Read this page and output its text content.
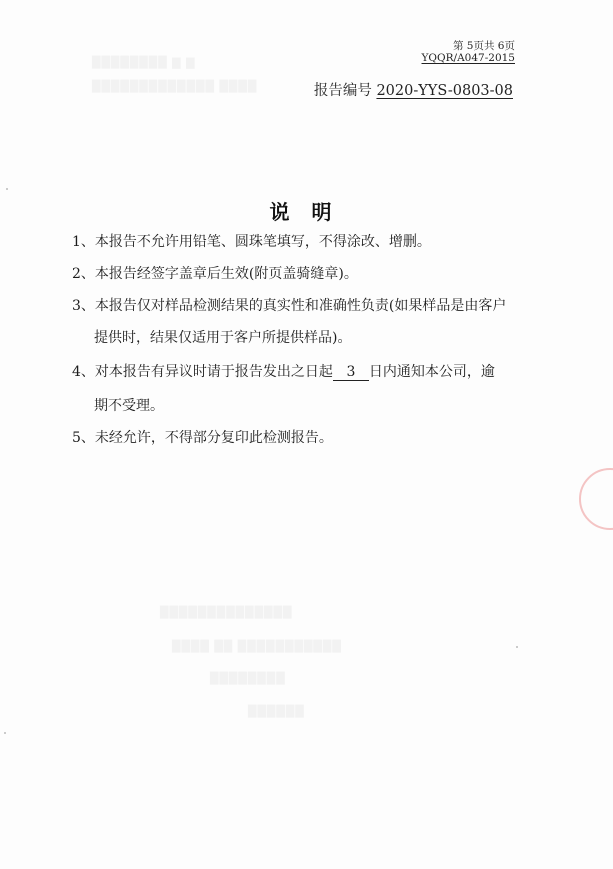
第 5页共 6页
YQQR/A047-2015
报告编号 2020-YYS-0803-08
说明
1、本报告不允许用铅笔、圆珠笔填写，不得涂改、增删。
2、本报告经签字盖章后生效(附页盖骑缝章)。
3、本报告仅对样品检测结果的真实性和准确性负责(如果样品是由客户
提供时，结果仅适用于客户所提供样品)。
4、对本报告有异议时请于报告发出之日起 3 日内通知本公司，逾
期不受理。
5、未经允许，不得部分复印此检测报告。
████████ ▇ ▇
█████████████ ████
██████████████
████ ██ ███████████
████████
██████
